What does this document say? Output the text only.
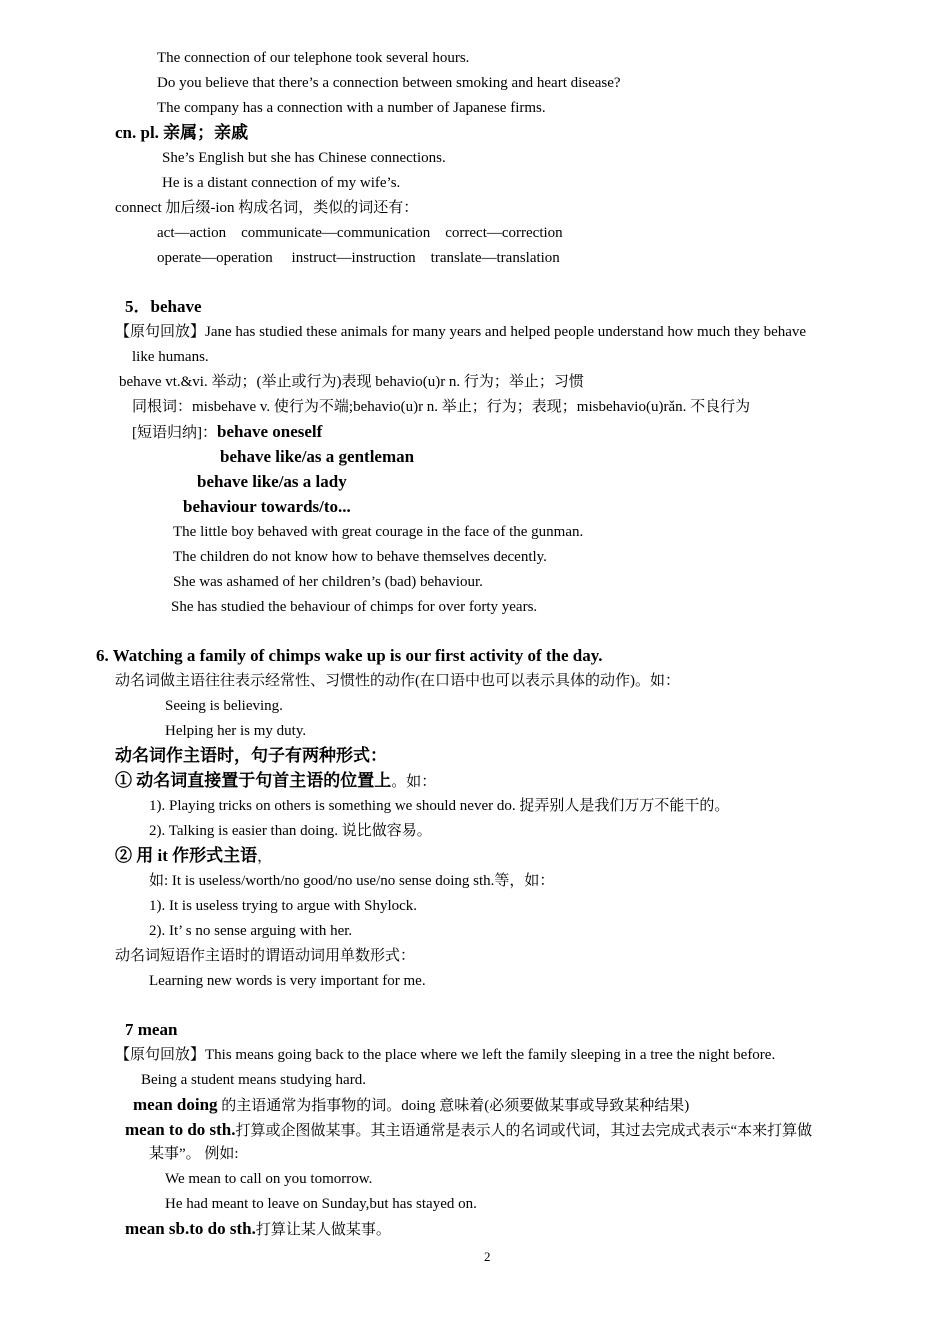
The connection of our telephone took several hours.
Do you believe that there’s a connection between smoking and heart disease?
The company has a connection with a number of Japanese firms.
cn. pl. 亲属；亲戚
She’s English but she has Chinese connections.
He is a distant connection of my wife’s.
connect 加后缀-ion 构成名词，类似的词还有：
act—action    communicate—communication    correct—correction
operate—operation     instruct—instruction    translate—translation
5．behave
【原句回放】Jane has studied these animals for many years and helped people understand how much they behave
like humans.
behave vt.&vi. 举动；(举止或行为)表现 behavio(u)r n. 行为；举止；习惯
同根词：misbehave v. 使行为不端;behavio(u)r n. 举止；行为；表现；misbehavio(u)rǎn. 不良行为
[短语归纳]：behave oneself
behave like/as a gentleman
behave like/as a lady
behaviour towards/to...
The little boy behaved with great courage in the face of the gunman.
The children do not know how to behave themselves decently.
She was ashamed of her children’s (bad) behaviour.
She has studied the behaviour of chimps for over forty years.
6. Watching a family of chimps wake up is our first activity of the day.
动名词做主语往往表示经常性、习惯性的动作(在口语中也可以表示具体的动作)。如：
Seeing is believing.
Helping her is my duty.
动名词作主语时，句子有两种形式：
① 动名词直接置于句首主语的位置上。如：
1). Playing tricks on others is something we should never do. 捉弄别人是我们万万不能干的。
2). Talking is easier than doing. 说比做容易。
② 用 it 作形式主语，
如: It is useless/worth/no good/no use/no sense doing sth.等，如：
1). It is useless trying to argue with Shylock.
2). It’ s no sense arguing with her.
动名词短语作主语时的谓语动词用单数形式：
Learning new words is very important for me.
7 mean
【原句回放】This means going back to the place where we left the family sleeping in a tree the night before.
Being a student means studying hard.
mean doing 的主语通常为指事物的词。doing 意味着(必须要做某事或导致某种结果)
mean to do sth.打算或企图做某事。其主语通常是表示人的名词或代词，其过去完成式表示“本来打算做
某事”。 例如:
We mean to call on you tomorrow.
He had meant to leave on Sunday,but has stayed on.
mean sb.to do sth.打算让某人做某事。
2
